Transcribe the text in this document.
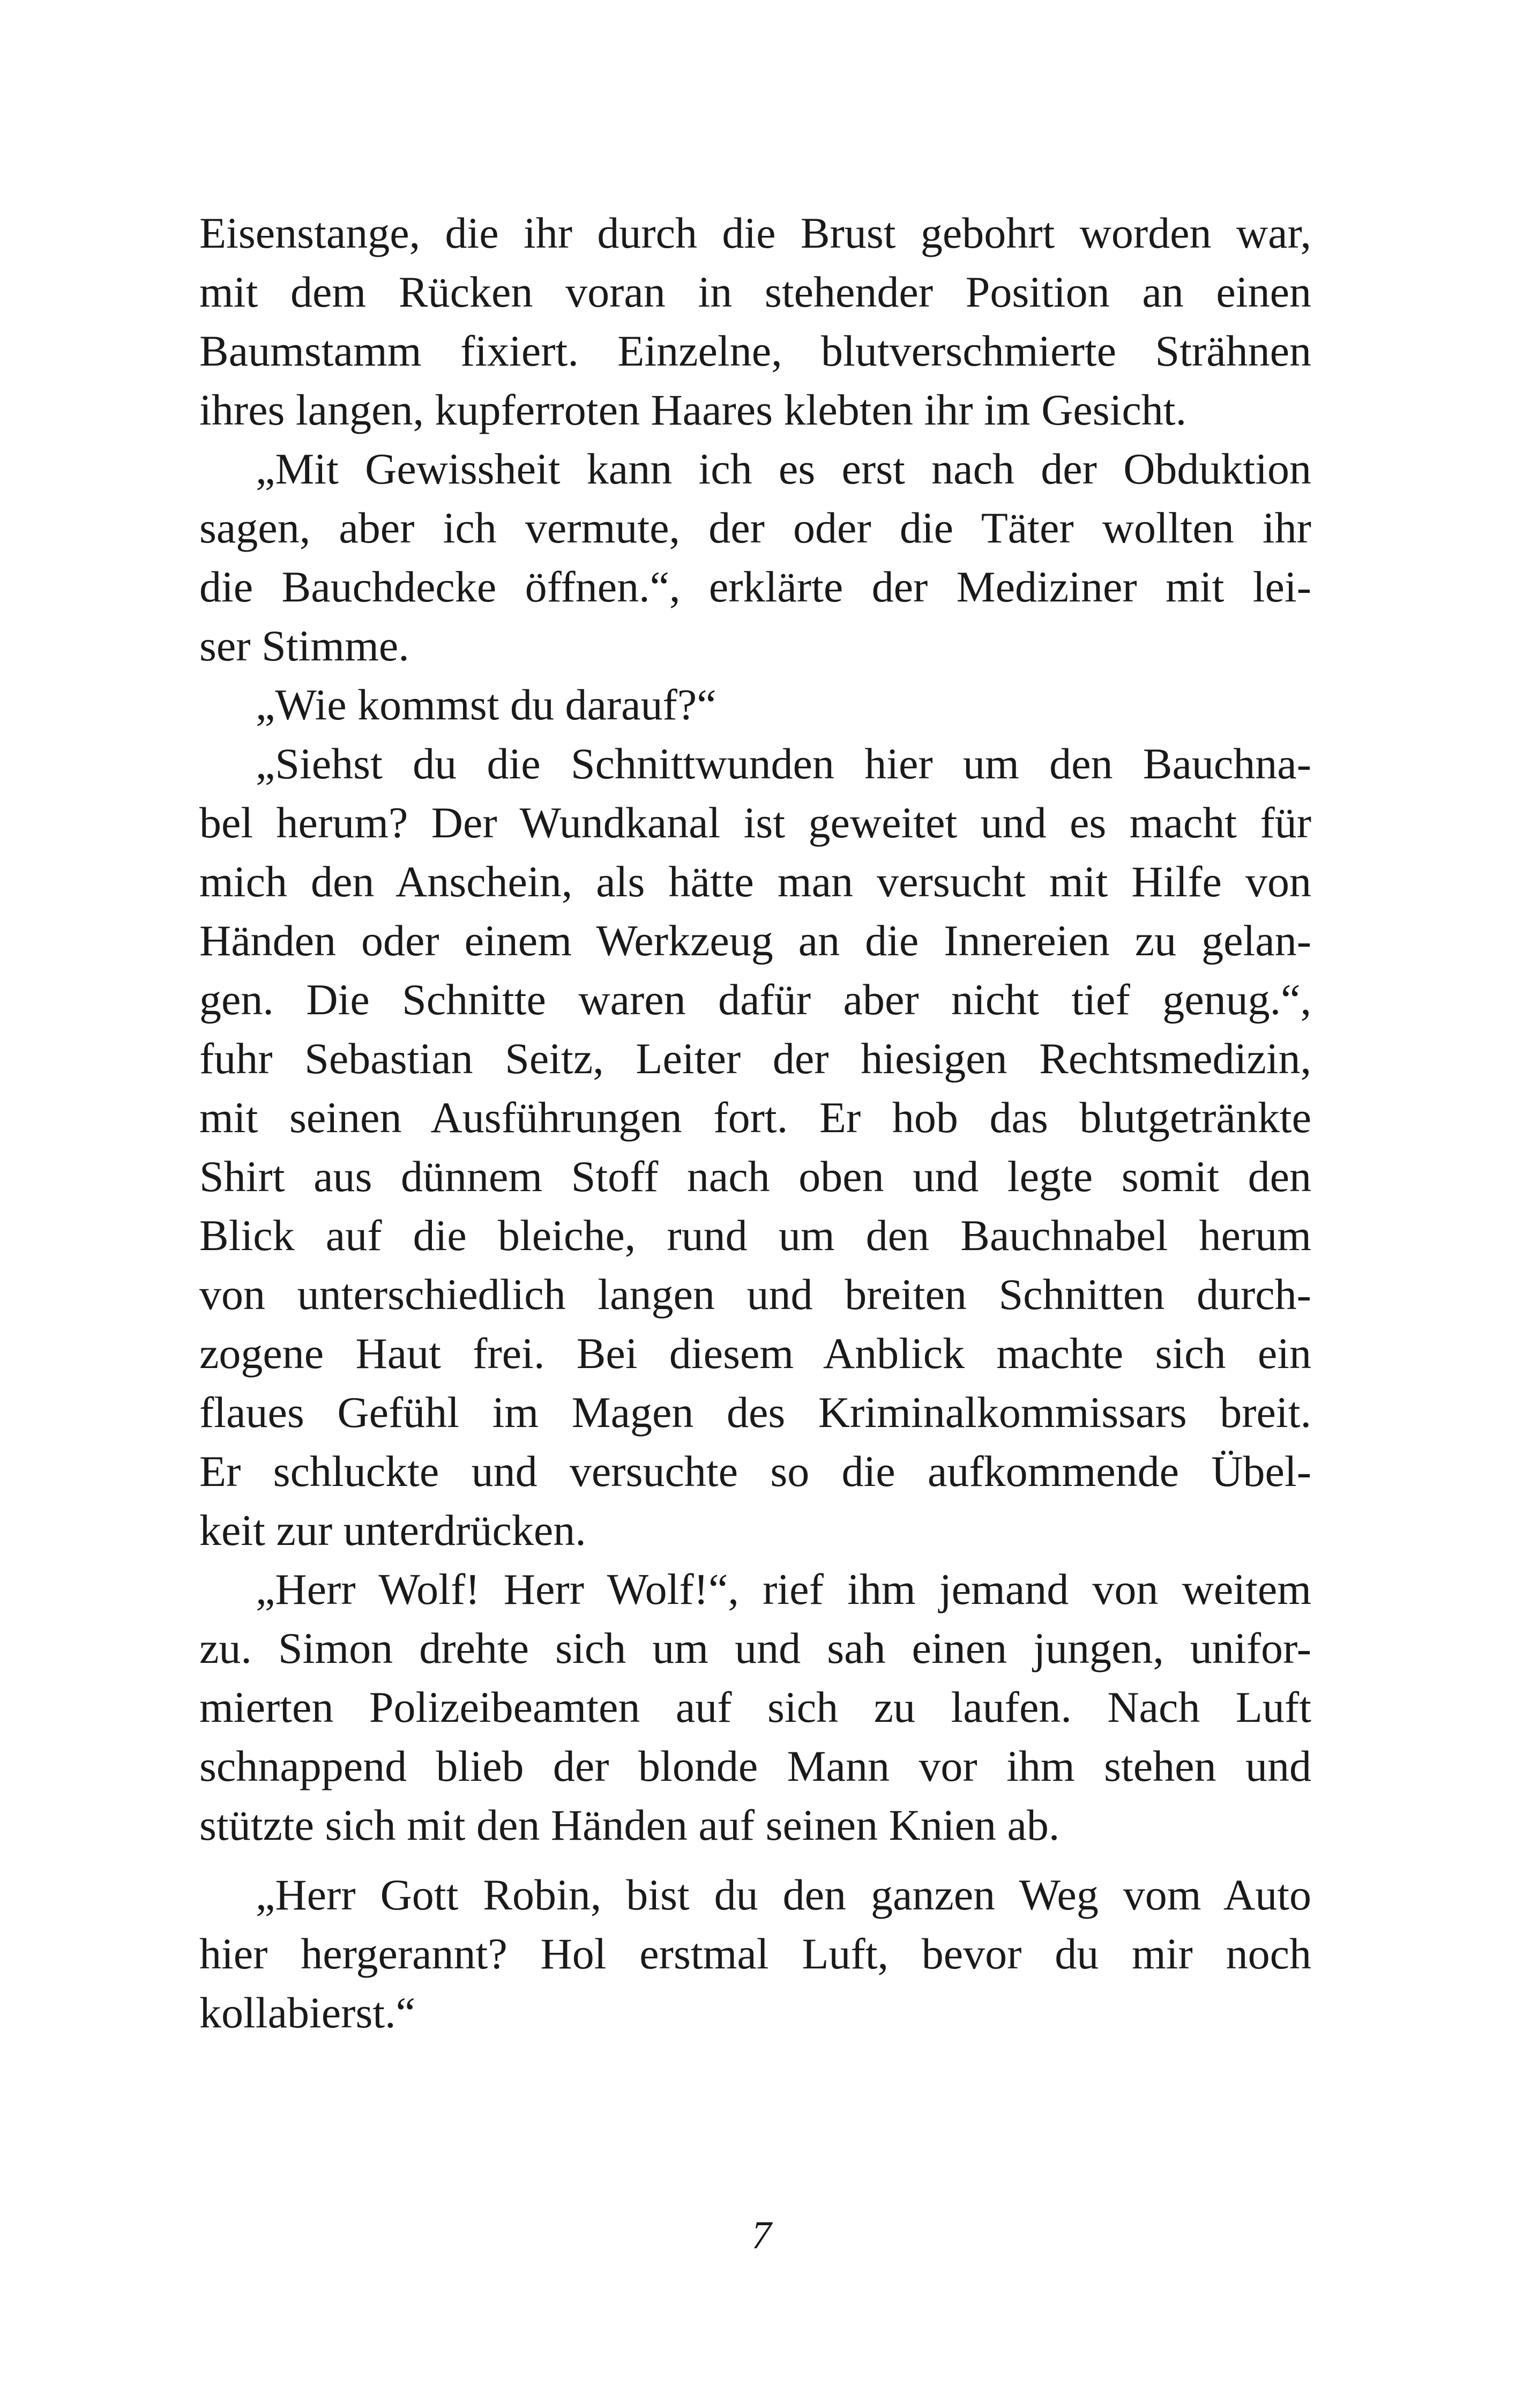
Eisenstange, die ihr durch die Brust gebohrt worden war,
mit dem Rücken voran in stehender Position an einen
Baumstamm fixiert. Einzelne, blutverschmierte Strähnen
ihres langen, kupferroten Haares klebten ihr im Gesicht.
„Mit Gewissheit kann ich es erst nach der Obduktion
sagen, aber ich vermute, der oder die Täter wollten ihr
die Bauchdecke öffnen.“, erklärte der Mediziner mit lei-
ser Stimme.
„Wie kommst du darauf?“
„Siehst du die Schnittwunden hier um den Bauchna-
bel herum? Der Wundkanal ist geweitet und es macht für
mich den Anschein, als hätte man versucht mit Hilfe von
Händen oder einem Werkzeug an die Innereien zu gelan-
gen. Die Schnitte waren dafür aber nicht tief genug.“,
fuhr Sebastian Seitz, Leiter der hiesigen Rechtsmedizin,
mit seinen Ausführungen fort. Er hob das blutgetränkte
Shirt aus dünnem Stoff nach oben und legte somit den
Blick auf die bleiche, rund um den Bauchnabel herum
von unterschiedlich langen und breiten Schnitten durch-
zogene Haut frei. Bei diesem Anblick machte sich ein
flaues Gefühl im Magen des Kriminalkommissars breit.
Er schluckte und versuchte so die aufkommende Übel-
keit zur unterdrücken.
„Herr Wolf! Herr Wolf!“, rief ihm jemand von weitem
zu. Simon drehte sich um und sah einen jungen, unifor-
mierten Polizeibeamten auf sich zu laufen. Nach Luft
schnappend blieb der blonde Mann vor ihm stehen und
stützte sich mit den Händen auf seinen Knien ab.
„Herr Gott Robin, bist du den ganzen Weg vom Auto
hier hergerannt? Hol erstmal Luft, bevor du mir noch
kollabierst.“
7
